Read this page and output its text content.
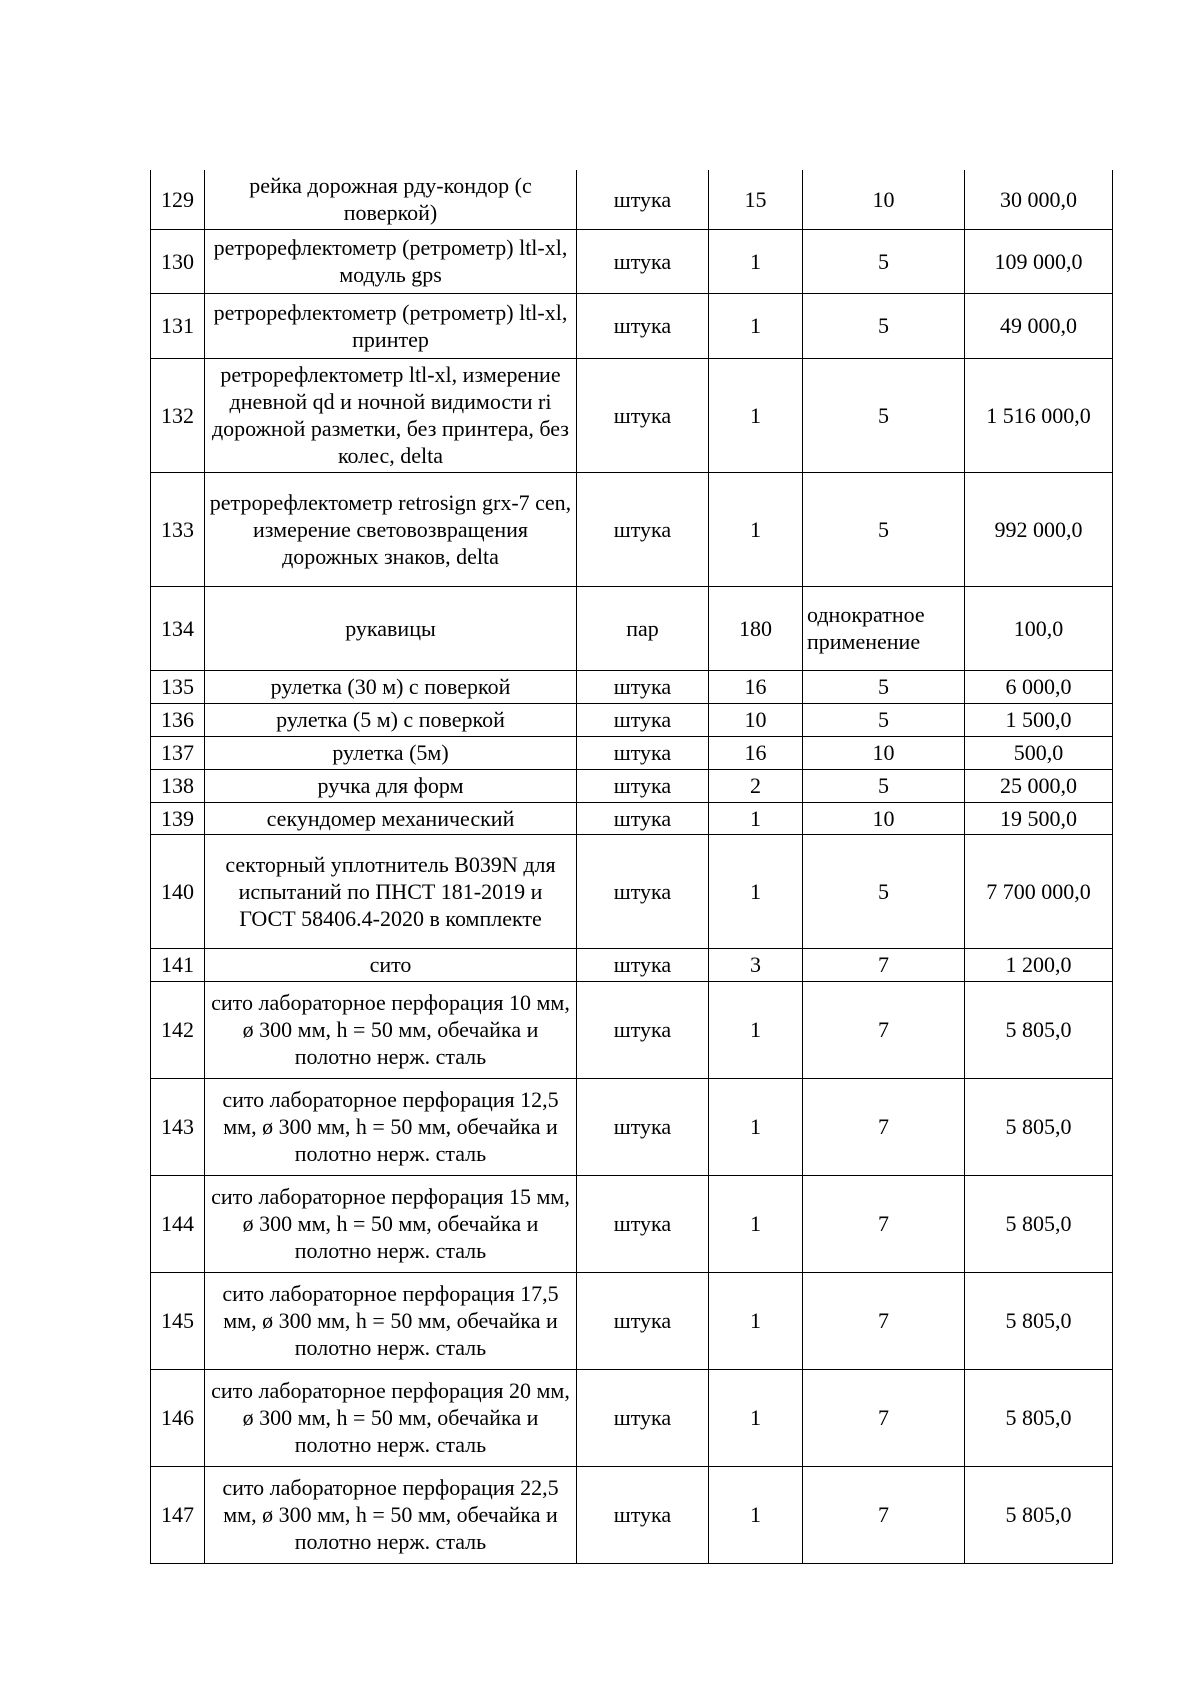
129	рейка дорожная рду-кондор (с поверкой)	штука	15	10	30 000,0
130	ретрорефлектометр (ретрометр) ltl-xl, модуль gps	штука	1	5	109 000,0
131	ретрорефлектометр (ретрометр) ltl-xl, принтер	штука	1	5	49 000,0
132	ретрорефлектометр ltl-xl, измерение дневной qd и ночной видимости ri дорожной разметки, без принтера, без колес, delta	штука	1	5	1 516 000,0
133	ретрорефлектометр retrosign grx-7 cen, измерение световозвращения дорожных знаков, delta	штука	1	5	992 000,0
134	рукавицы	пар	180	однократное применение	100,0
135	рулетка (30 м) с поверкой	штука	16	5	6 000,0
136	рулетка (5 м) с поверкой	штука	10	5	1 500,0
137	рулетка (5м)	штука	16	10	500,0
138	ручка для форм	штука	2	5	25 000,0
139	секундомер механический	штука	1	10	19 500,0
140	секторный уплотнитель B039N для испытаний по ПНСТ 181-2019 и ГОСТ 58406.4-2020 в комплекте	штука	1	5	7 700 000,0
141	сито	штука	3	7	1 200,0
142	сито лабораторное перфорация 10 мм, ø 300 мм, h = 50 мм, обечайка и полотно нерж. сталь	штука	1	7	5 805,0
143	сито лабораторное перфорация 12,5 мм, ø 300 мм, h = 50 мм, обечайка и полотно нерж. сталь	штука	1	7	5 805,0
144	сито лабораторное перфорация 15 мм, ø 300 мм, h = 50 мм, обечайка и полотно нерж. сталь	штука	1	7	5 805,0
145	сито лабораторное перфорация 17,5 мм, ø 300 мм, h = 50 мм, обечайка и полотно нерж. сталь	штука	1	7	5 805,0
146	сито лабораторное перфорация 20 мм, ø 300 мм, h = 50 мм, обечайка и полотно нерж. сталь	штука	1	7	5 805,0
147	сито лабораторное перфорация 22,5 мм, ø 300 мм, h = 50 мм, обечайка и полотно нерж. сталь	штука	1	7	5 805,0
